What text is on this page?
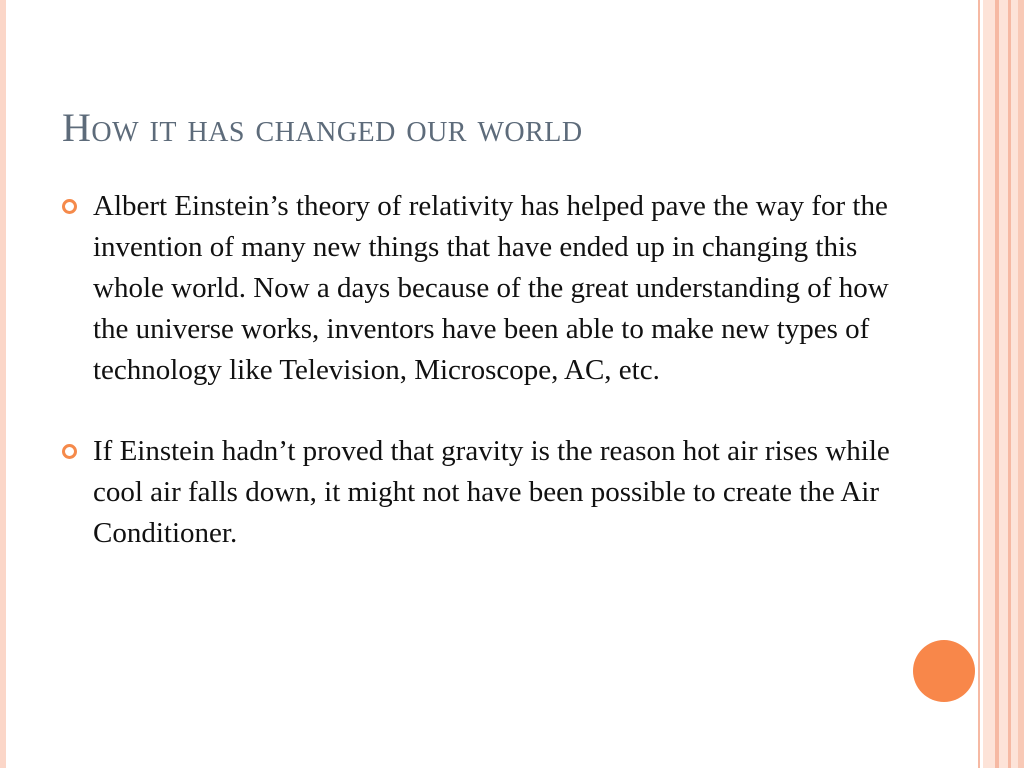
How it has changed our world
Albert Einstein’s theory of relativity has helped pave the way for the invention of many new things that have ended up in changing this whole world. Now a days because of the great understanding of how the universe works, inventors have been able to make new types of technology like Television, Microscope, AC, etc.
If Einstein hadn’t proved that gravity is the reason hot air rises while cool air falls down, it might not have been possible to create the Air Conditioner.
